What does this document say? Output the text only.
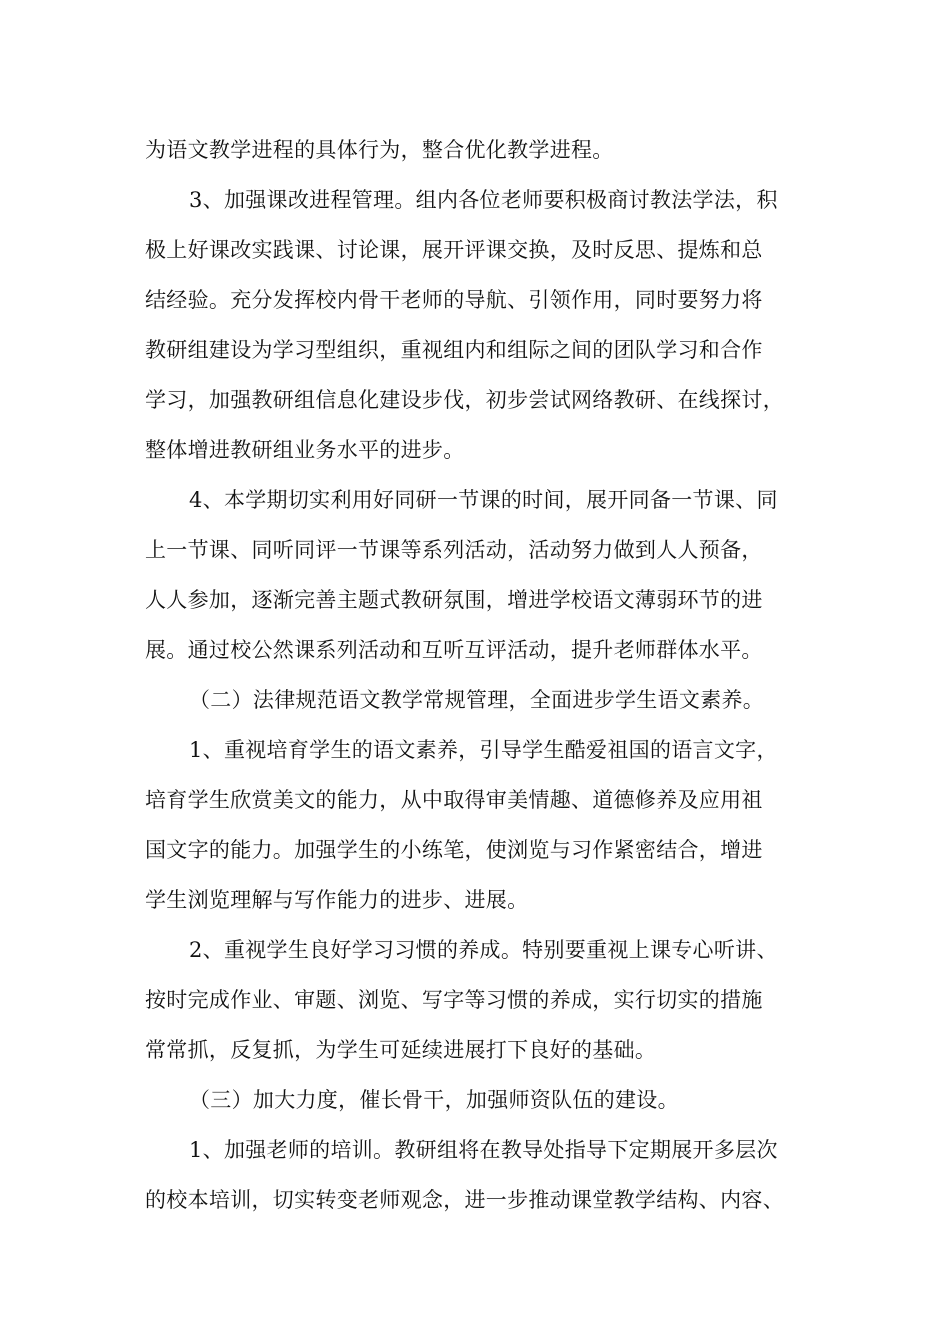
为语文教学进程的具体行为，整合优化教学进程。
3、加强课改进程管理。组内各位老师要积极商讨教法学法，积
极上好课改实践课、讨论课，展开评课交换，及时反思、提炼和总
结经验。充分发挥校内骨干老师的导航、引领作用，同时要努力将
教研组建设为学习型组织，重视组内和组际之间的团队学习和合作
学习，加强教研组信息化建设步伐，初步尝试网络教研、在线探讨，
整体增进教研组业务水平的进步。
4、本学期切实利用好同研一节课的时间，展开同备一节课、同
上一节课、同听同评一节课等系列活动，活动努力做到人人预备，
人人参加，逐渐完善主题式教研氛围，增进学校语文薄弱环节的进
展。通过校公然课系列活动和互听互评活动，提升老师群体水平。
（二）法律规范语文教学常规管理，全面进步学生语文素养。
1、重视培育学生的语文素养，引导学生酷爱祖国的语言文字，
培育学生欣赏美文的能力，从中取得审美情趣、道德修养及应用祖
国文字的能力。加强学生的小练笔，使浏览与习作紧密结合，增进
学生浏览理解与写作能力的进步、进展。
2、重视学生良好学习习惯的养成。特别要重视上课专心听讲、
按时完成作业、审题、浏览、写字等习惯的养成，实行切实的措施
常常抓，反复抓，为学生可延续进展打下良好的基础。
（三）加大力度，催长骨干，加强师资队伍的建设。
1、加强老师的培训。教研组将在教导处指导下定期展开多层次
的校本培训，切实转变老师观念，进一步推动课堂教学结构、内容、
